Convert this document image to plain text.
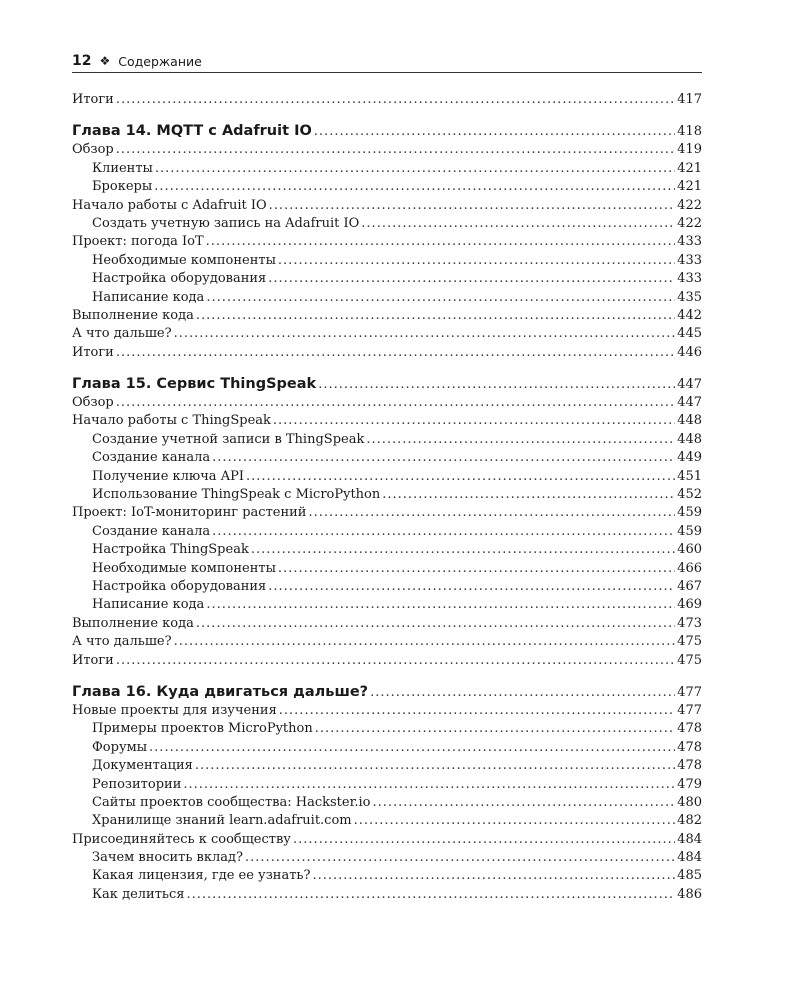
12 ❖ Содержание
Итоги .....	417
Глава 14. MQTT с Adafruit IO .....	418
Обзор .....	419
Клиенты .....	421
Брокеры .....	421
Начало работы с Adafruit IO .....	422
Создать учетную запись на Adafruit IO .....	422
Проект: погода IoT .....	433
Необходимые компоненты .....	433
Настройка оборудования .....	433
Написание кода .....	435
Выполнение кода .....	442
А что дальше? .....	445
Итоги .....	446
Глава 15. Сервис ThingSpeak .....	447
Обзор .....	447
Начало работы с ThingSpeak .....	448
Создание учетной записи в ThingSpeak .....	448
Создание канала .....	449
Получение ключа API .....	451
Использование ThingSpeak с MicroPython .....	452
Проект: IoT-мониторинг растений .....	459
Создание канала .....	459
Настройка ThingSpeak .....	460
Необходимые компоненты .....	466
Настройка оборудования .....	467
Написание кода .....	469
Выполнение кода .....	473
А что дальше? .....	475
Итоги .....	475
Глава 16. Куда двигаться дальше? .....	477
Новые проекты для изучения .....	477
Примеры проектов MicroPython .....	478
Форумы .....	478
Документация .....	478
Репозитории .....	479
Сайты проектов сообщества: Hackster.io .....	480
Хранилище знаний learn.adafruit.com .....	482
Присоединяйтесь к сообществу .....	484
Зачем вносить вклад? .....	484
Какая лицензия, где ее узнать? .....	485
Как делиться .....	486
